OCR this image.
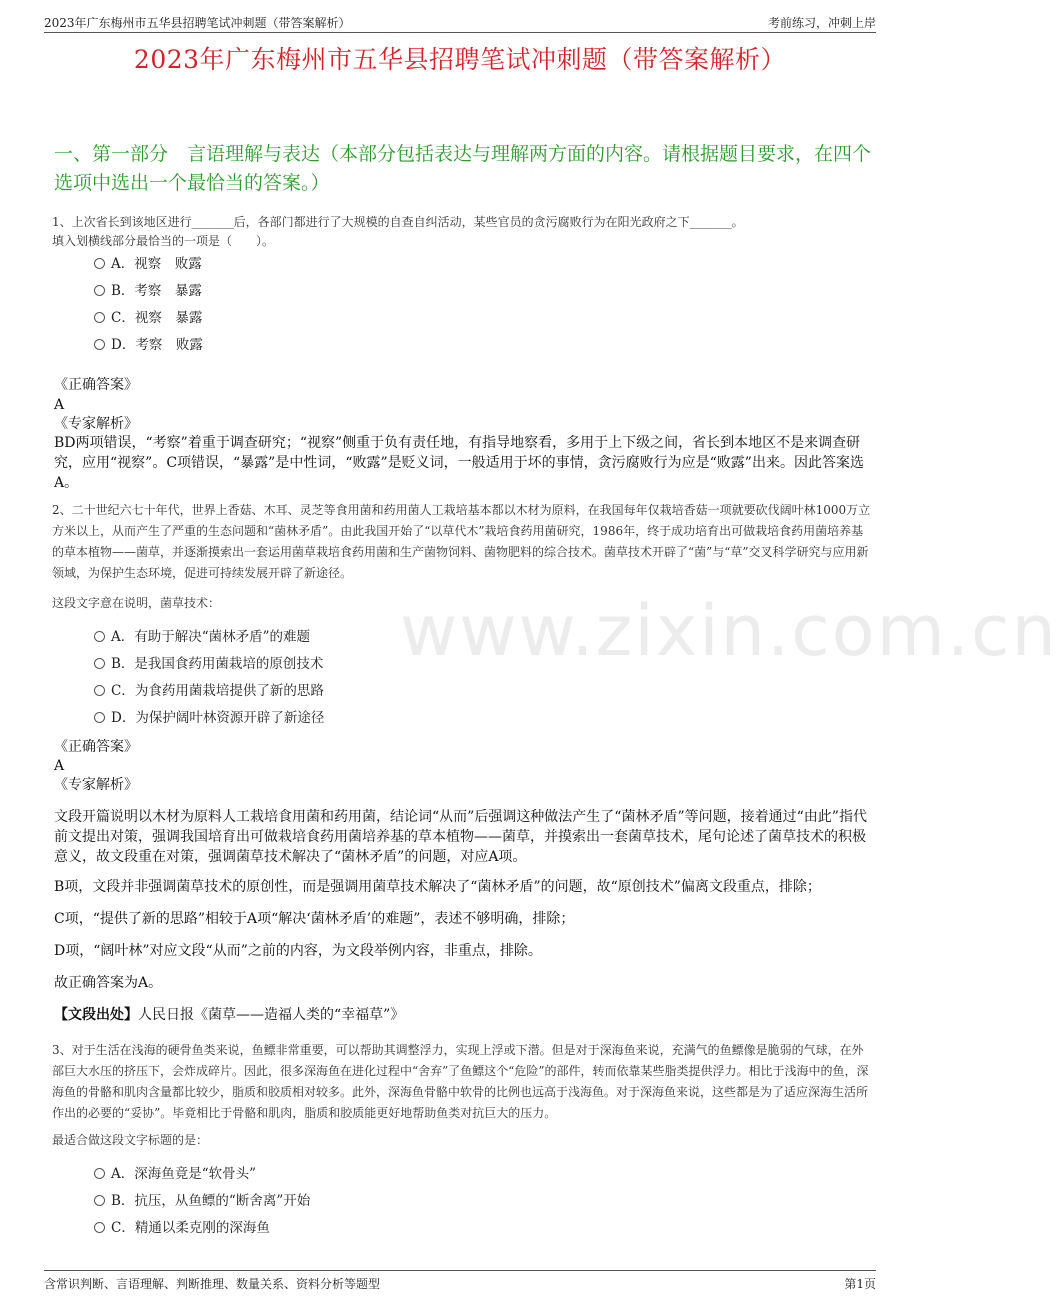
2023年广东梅州市五华县招聘笔试冲刺题（带答案解析）	考前练习，冲刺上岸
www.zixin.com.cn
2023年广东梅州市五华县招聘笔试冲刺题（带答案解析）
一、第一部分　言语理解与表达（本部分包括表达与理解两方面的内容。请根据题目要求，在四个选项中选出一个最恰当的答案。）
1、上次省长到该地区进行_______后，各部门都进行了大规模的自查自纠活动，某些官员的贪污腐败行为在阳光政府之下_______。
填入划横线部分最恰当的一项是（　　）。
A．视察　败露
B．考察　暴露
C．视察　暴露
D．考察　败露
《正确答案》
A
《专家解析》
BD两项错误，“考察”着重于调查研究；“视察”侧重于负有责任地，有指导地察看，多用于上下级之间，省长到本地区不是来调查研究，应用“视察”。C项错误，“暴露”是中性词，“败露”是贬义词，一般适用于坏的事情，贪污腐败行为应是“败露”出来。因此答案选A。
2、二十世纪六七十年代，世界上香菇、木耳、灵芝等食用菌和药用菌人工栽培基本都以木材为原料，在我国每年仅栽培香菇一项就要砍伐阔叶林1000万立方米以上，从而产生了严重的生态问题和“菌林矛盾”。由此我国开始了“以草代木”栽培食药用菌研究，1986年，终于成功培育出可做栽培食药用菌培养基的草本植物——菌草，并逐渐摸索出一套运用菌草栽培食药用菌和生产菌物饲料、菌物肥料的综合技术。菌草技术开辟了“菌”与“草”交叉科学研究与应用新领域，为保护生态环境，促进可持续发展开辟了新途径。
这段文字意在说明，菌草技术：
A．有助于解决“菌林矛盾”的难题
B．是我国食药用菌栽培的原创技术
C．为食药用菌栽培提供了新的思路
D．为保护阔叶林资源开辟了新途径
《正确答案》
A
《专家解析》
文段开篇说明以木材为原料人工栽培食用菌和药用菌，结论词“从而”后强调这种做法产生了“菌林矛盾”等问题，接着通过“由此”指代前文提出对策，强调我国培育出可做栽培食药用菌培养基的草本植物——菌草，并摸索出一套菌草技术，尾句论述了菌草技术的积极意义，故文段重在对策，强调菌草技术解决了“菌林矛盾”的问题，对应A项。
B项，文段并非强调菌草技术的原创性，而是强调用菌草技术解决了“菌林矛盾”的问题，故“原创技术”偏离文段重点，排除；
C项，“提供了新的思路”相较于A项“解决‘菌林矛盾’的难题”，表述不够明确，排除；
D项，“阔叶林”对应文段“从而”之前的内容，为文段举例内容，非重点，排除。
故正确答案为A。
【文段出处】人民日报《菌草——造福人类的“幸福草”》
3、对于生活在浅海的硬骨鱼类来说，鱼鳔非常重要，可以帮助其调整浮力，实现上浮或下潜。但是对于深海鱼来说，充满气的鱼鳔像是脆弱的气球，在外部巨大水压的挤压下，会炸成碎片。因此，很多深海鱼在进化过程中“舍弃”了鱼鳔这个“危险”的部件，转而依靠某些脂类提供浮力。相比于浅海中的鱼，深海鱼的骨骼和肌肉含量都比较少，脂质和胶质相对较多。此外，深海鱼骨骼中软骨的比例也远高于浅海鱼。对于深海鱼来说，这些都是为了适应深海生活所作出的必要的“妥协”。毕竟相比于骨骼和肌肉，脂质和胶质能更好地帮助鱼类对抗巨大的压力。
最适合做这段文字标题的是：
A．深海鱼竟是“软骨头”
B．抗压，从鱼鳔的“断舍离”开始
C．精通以柔克刚的深海鱼
含常识判断、言语理解、判断推理、数量关系、资料分析等题型	第1页
